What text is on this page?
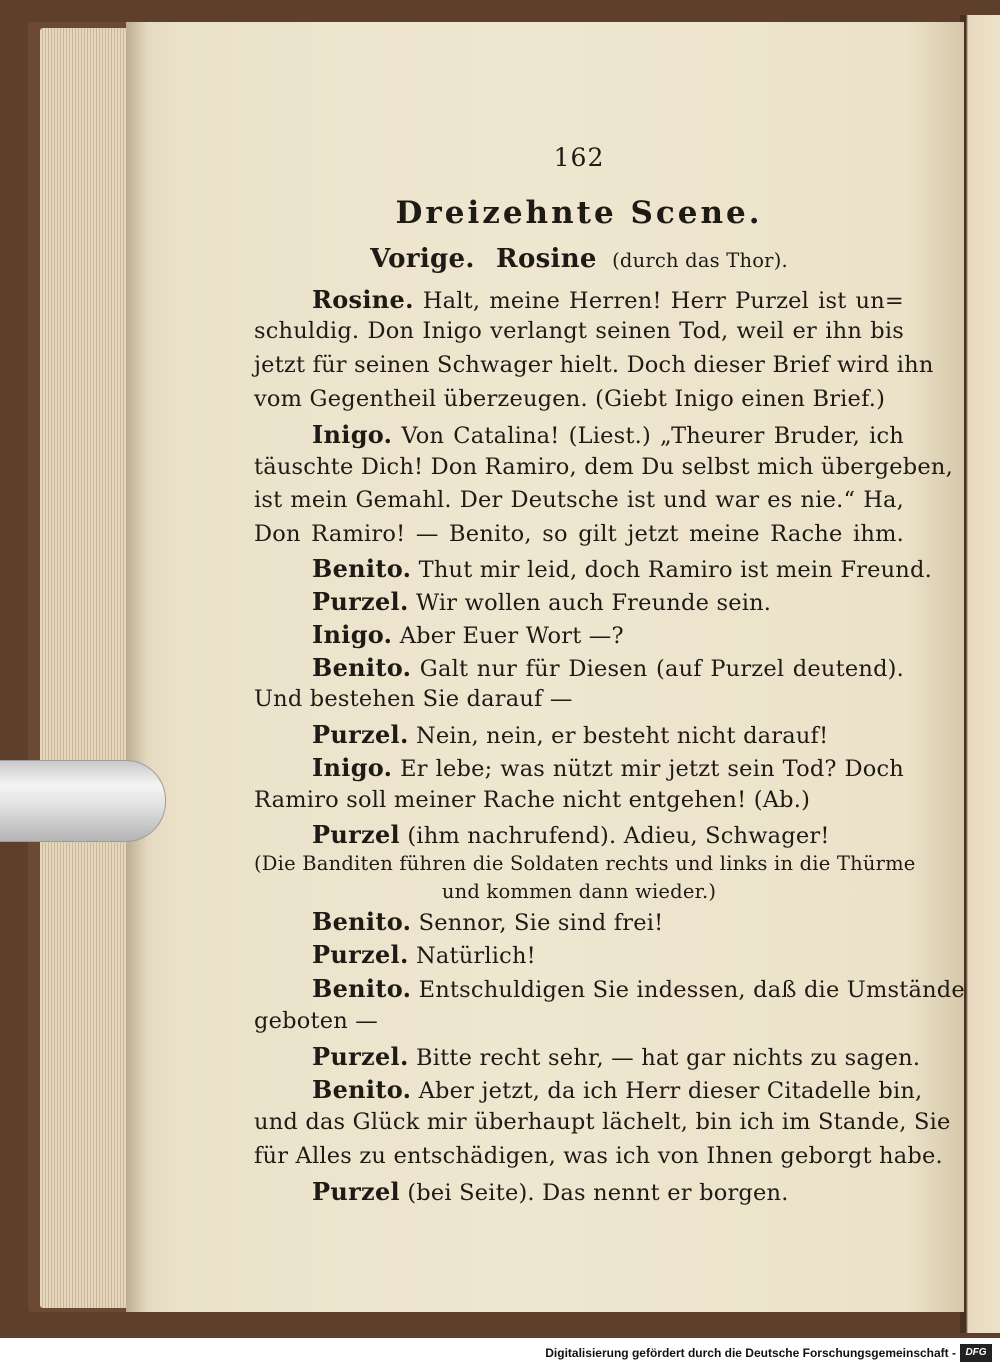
162
Dreizehnte Scene.
Vorige. Rosine (durch das Thor).
Rosine. Halt, meine Herren! Herr Purzel ist un=
schuldig. Don Inigo verlangt seinen Tod, weil er ihn bis
jetzt für seinen Schwager hielt. Doch dieser Brief wird ihn
vom Gegentheil überzeugen. (Giebt Inigo einen Brief.)
Inigo. Von Catalina! (Liest.) „Theurer Bruder, ich
täuschte Dich! Don Ramiro, dem Du selbst mich übergeben,
ist mein Gemahl. Der Deutsche ist und war es nie.“ Ha,
Don Ramiro! — Benito, so gilt jetzt meine Rache ihm.
Benito. Thut mir leid, doch Ramiro ist mein Freund.
Purzel. Wir wollen auch Freunde sein.
Inigo. Aber Euer Wort —?
Benito. Galt nur für Diesen (auf Purzel deutend).
Und bestehen Sie darauf —
Purzel. Nein, nein, er besteht nicht darauf!
Inigo. Er lebe; was nützt mir jetzt sein Tod? Doch
Ramiro soll meiner Rache nicht entgehen! (Ab.)
Purzel (ihm nachrufend). Adieu, Schwager!
(Die Banditen führen die Soldaten rechts und links in die Thürme
und kommen dann wieder.)
Benito. Sennor, Sie sind frei!
Purzel. Natürlich!
Benito. Entschuldigen Sie indessen, daß die Umstände
geboten —
Purzel. Bitte recht sehr, — hat gar nichts zu sagen.
Benito. Aber jetzt, da ich Herr dieser Citadelle bin,
und das Glück mir überhaupt lächelt, bin ich im Stande, Sie
für Alles zu entschädigen, was ich von Ihnen geborgt habe.
Purzel (bei Seite). Das nennt er borgen.
Digitalisierung gefördert durch die Deutsche Forschungsgemeinschaft - DFG
